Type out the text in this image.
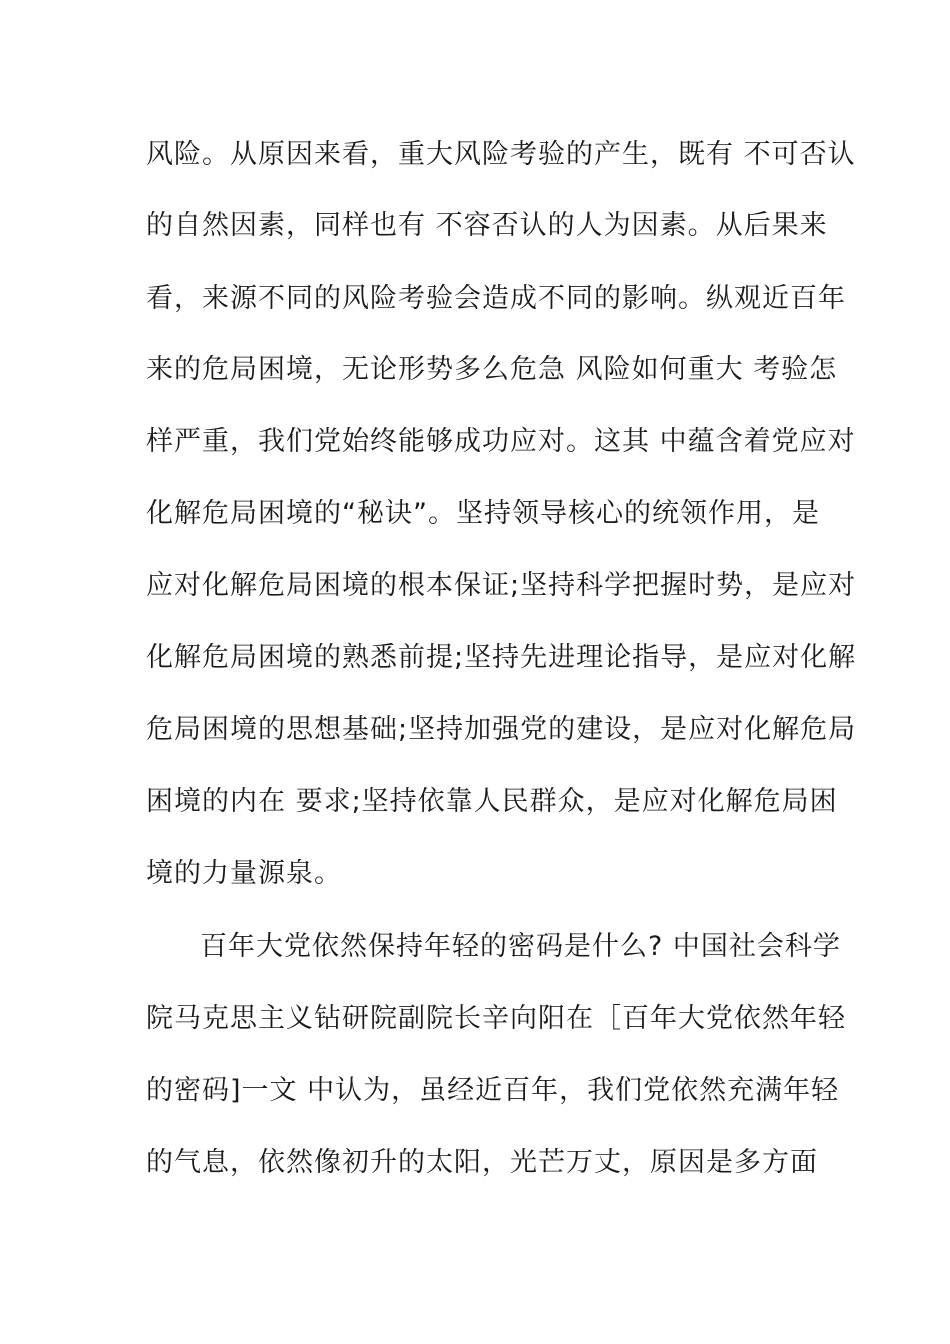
风险。从原因来看，重大风险考验的产生，既有 不可否认
的自然因素，同样也有 不容否认的人为因素。从后果来
看，来源不同的风险考验会造成不同的影响。纵观近百年
来的危局困境，无论形势多么危急 风险如何重大 考验怎
样严重，我们党始终能够成功应对。这其 中蕴含着党应对
化解危局困境的“秘诀”。坚持领导核心的统领作用，是
应对化解危局困境的根本保证;坚持科学把握时势，是应对
化解危局困境的熟悉前提;坚持先进理论指导，是应对化解
危局困境的思想基础;坚持加强党的建设，是应对化解危局
困境的内在 要求;坚持依靠人民群众，是应对化解危局困
境的力量源泉。
百年大党依然保持年轻的密码是什么? 中国社会科学
院马克思主义钻研院副院长辛向阳在［百年大党依然年轻
的密码]一文 中认为，虽经近百年，我们党依然充满年轻
的气息，依然像初升的太阳，光芒万丈，原因是多方面
